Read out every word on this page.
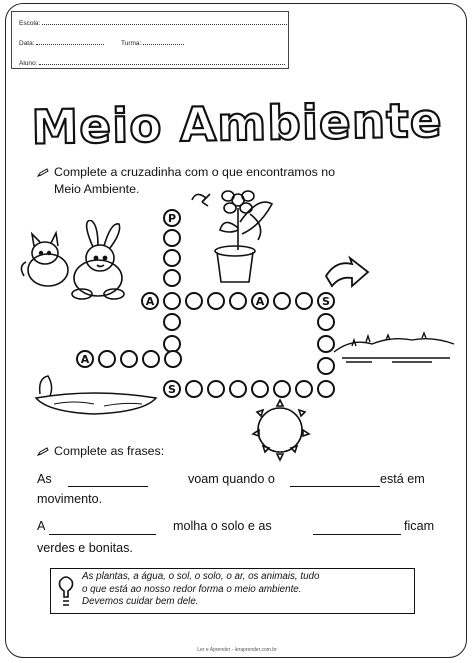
Escola:
Data:	Turma:
Aluno:
Meio Ambiente
Complete a cruzadinha com o que encontramos no
Meio Ambiente.
P
A	A	S
A
S
Complete as frases:
As	voam quando o	está em
movimento.
A	molha o solo e as	ficam
verdes e bonitas.
As plantas, a água, o sol, o solo, o ar, os animais, tudo
o que está ao nosso redor forma o meio ambiente.
Devemos cuidar bem dele.
Ler e Aprender - leraprender.com.br
